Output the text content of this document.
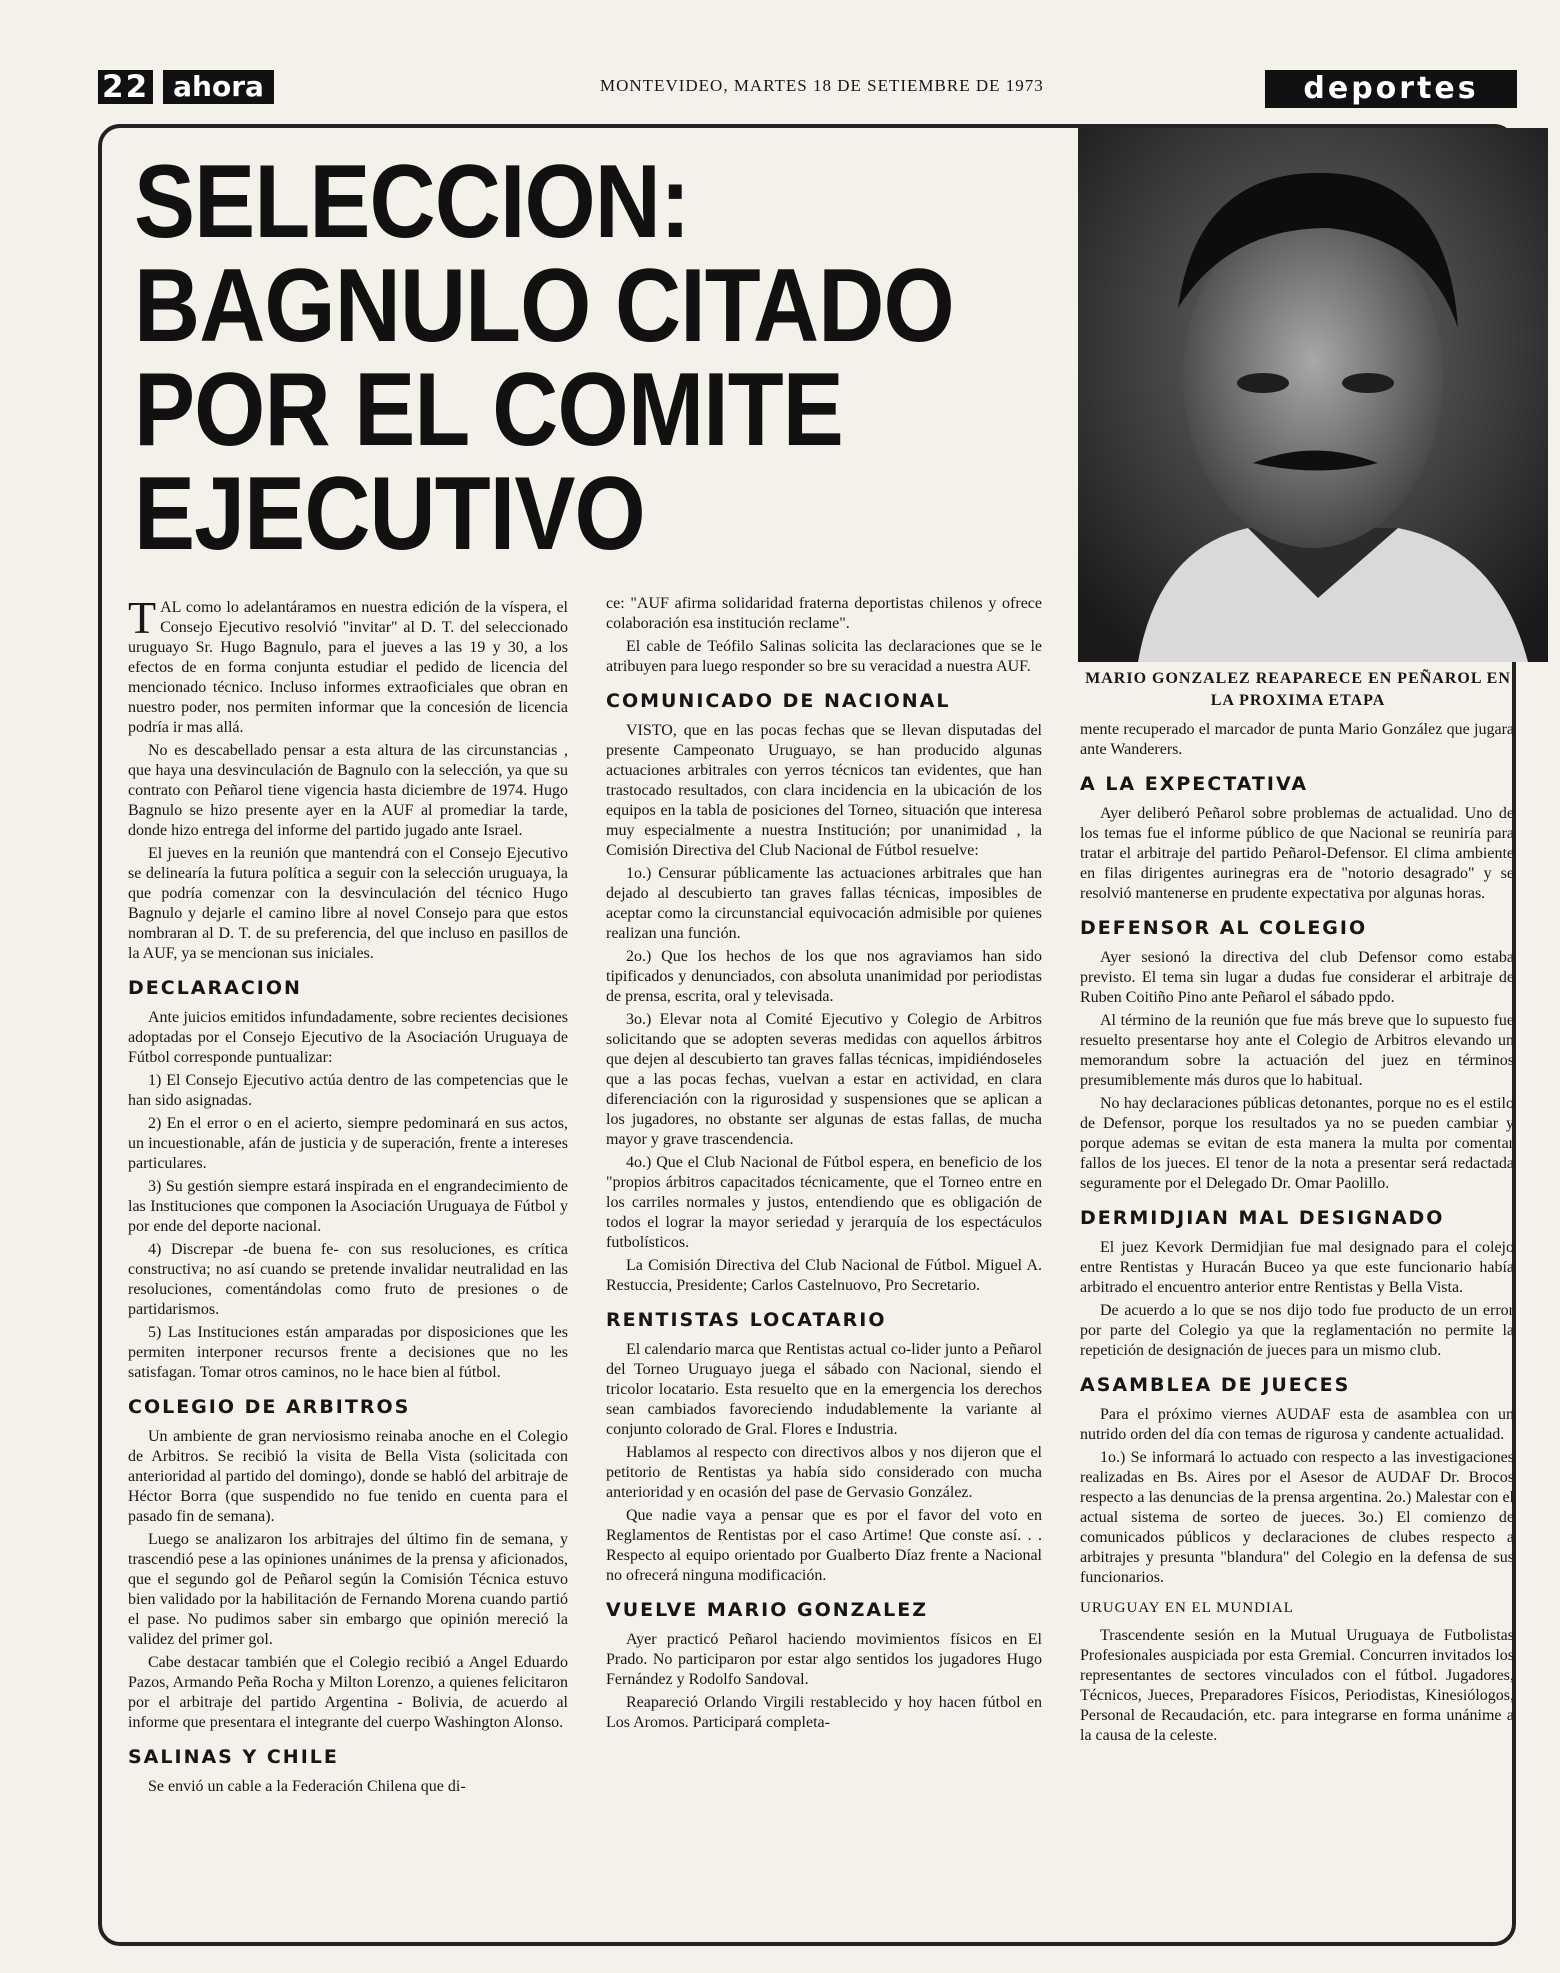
22 ahora	MONTEVIDEO, MARTES 18 DE SETIEMBRE DE 1973	deportes
SELECCION:
BAGNULO CITADO
POR EL COMITE
EJECUTIVO
MARIO GONZALEZ REAPARECE EN PEÑAROL EN
LA PROXIMA ETAPA

TAL como lo adelantáramos en nuestra edición de la víspera, el Consejo Ejecutivo resolvió "invitar" al D. T. del seleccionado uruguayo Sr. Hugo Bagnulo, para el jueves a las 19 y 30, a los efectos de en forma conjunta estudiar el pedido de licencia del mencionado técnico. Incluso informes extraoficiales que obran en nuestro poder, nos permiten informar que la concesión de licencia podría ir mas allá.

No es descabellado pensar a esta altura de las circunstancias , que haya una desvinculación de Bagnulo con la selección, ya que su contrato con Peñarol tiene vigencia hasta diciembre de 1974. Hugo Bagnulo se hizo presente ayer en la AUF al promediar la tarde, donde hizo entrega del informe del partido jugado ante Israel.

El jueves en la reunión que mantendrá con el Consejo Ejecutivo se delinearía la futura política a seguir con la selección uruguaya, la que podría comenzar con la desvinculación del técnico Hugo Bagnulo y dejarle el camino libre al novel Consejo para que estos nombraran al D. T. de su preferencia, del que incluso en pasillos de la AUF, ya se mencionan sus iniciales.

DECLARACION

Ante juicios emitidos infundadamente, sobre recientes decisiones adoptadas por el Consejo Ejecutivo de la Asociación Uruguaya de Fútbol corresponde puntualizar:

1) El Consejo Ejecutivo actúa dentro de las competencias que le han sido asignadas.

2) En el error o en el acierto, siempre pedominará en sus actos, un incuestionable, afán de justicia y de superación, frente a intereses particulares.

3) Su gestión siempre estará inspirada en el engrandecimiento de las Instituciones que componen la Asociación Uruguaya de Fútbol y por ende del deporte nacional.

4) Discrepar -de buena fe- con sus resoluciones, es crítica constructiva; no así cuando se pretende invalidar neutralidad en las resoluciones, comentándolas como fruto de presiones o de partidarismos.

5) Las Instituciones están amparadas por disposiciones que les permiten interponer recursos frente a decisiones que no les satisfagan. Tomar otros caminos, no le hace bien al fútbol.

COLEGIO DE ARBITROS

Un ambiente de gran nerviosismo reinaba anoche en el Colegio de Arbitros. Se recibió la visita de Bella Vista (solicitada con anterioridad al partido del domingo), donde se habló del arbitraje de Héctor Borra (que suspendido no fue tenido en cuenta para el pasado fin de semana).

Luego se analizaron los arbitrajes del último fin de semana, y trascendió pese a las opiniones unánimes de la prensa y aficionados, que el segundo gol de Peñarol según la Comisión Técnica estuvo bien validado por la habilitación de Fernando Morena cuando partió el pase. No pudimos saber sin embargo que opinión mereció la validez del primer gol.

Cabe destacar también que el Colegio recibió a Angel Eduardo Pazos, Armando Peña Rocha y Milton Lorenzo, a quienes felicitaron por el arbitraje del partido Argentina - Bolivia, de acuerdo al informe que presentara el integrante del cuerpo Washington Alonso.

SALINAS Y CHILE

Se envió un cable a la Federación Chilena que di-

ce: "AUF afirma solidaridad fraterna deportistas chilenos y ofrece colaboración esa institución reclame".

El cable de Teófilo Salinas solicita las declaraciones que se le atribuyen para luego responder so bre su veracidad a nuestra AUF.

COMUNICADO DE NACIONAL

VISTO, que en las pocas fechas que se llevan disputadas del presente Campeonato Uruguayo, se han producido algunas actuaciones arbitrales con yerros técnicos tan evidentes, que han trastocado resultados, con clara incidencia en la ubicación de los equipos en la tabla de posiciones del Torneo, situación que interesa muy especialmente a nuestra Institución; por unanimidad , la Comisión Directiva del Club Nacional de Fútbol resuelve:

1o.) Censurar públicamente las actuaciones arbitrales que han dejado al descubierto tan graves fallas técnicas, imposibles de aceptar como la circunstancial equivocación admisible por quienes realizan una función.

2o.) Que los hechos de los que nos agraviamos han sido tipificados y denunciados, con absoluta unanimidad por periodistas de prensa, escrita, oral y televisada.

3o.) Elevar nota al Comité Ejecutivo y Colegio de Arbitros solicitando que se adopten severas medidas con aquellos árbitros que dejen al descubierto tan graves fallas técnicas, impidiéndoseles que a las pocas fechas, vuelvan a estar en actividad, en clara diferenciación con la rigurosidad y suspensiones que se aplican a los jugadores, no obstante ser algunas de estas fallas, de mucha mayor y grave trascendencia.

4o.) Que el Club Nacional de Fútbol espera, en beneficio de los "propios árbitros capacitados técnicamente, que el Torneo entre en los carriles normales y justos, entendiendo que es obligación de todos el lograr la mayor seriedad y jerarquía de los espectáculos futbolísticos.

La Comisión Directiva del Club Nacional de Fútbol. Miguel A. Restuccia, Presidente; Carlos Castelnuovo, Pro Secretario.

RENTISTAS LOCATARIO

El calendario marca que Rentistas actual co-lider junto a Peñarol del Torneo Uruguayo juega el sábado con Nacional, siendo el tricolor locatario. Esta resuelto que en la emergencia los derechos sean cambiados favoreciendo indudablemente la variante al conjunto colorado de Gral. Flores e Industria.

Hablamos al respecto con directivos albos y nos dijeron que el petitorio de Rentistas ya había sido considerado con mucha anterioridad y en ocasión del pase de Gervasio González.

Que nadie vaya a pensar que es por el favor del voto en Reglamentos de Rentistas por el caso Artime! Que conste así. . . Respecto al equipo orientado por Gualberto Díaz frente a Nacional no ofrecerá ninguna modificación.

VUELVE MARIO GONZALEZ

Ayer practicó Peñarol haciendo movimientos físicos en El Prado. No participaron por estar algo sentidos los jugadores Hugo Fernández y Rodolfo Sandoval.

Reapareció Orlando Virgili restablecido y hoy hacen fútbol en Los Aromos. Participará completa-

mente recuperado el marcador de punta Mario González que jugara ante Wanderers.

A LA EXPECTATIVA

Ayer deliberó Peñarol sobre problemas de actualidad. Uno de los temas fue el informe público de que Nacional se reuniría para tratar el arbitraje del partido Peñarol-Defensor. El clima ambiente en filas dirigentes aurinegras era de "notorio desagrado" y se resolvió mantenerse en prudente expectativa por algunas horas.

DEFENSOR AL COLEGIO

Ayer sesionó la directiva del club Defensor como estaba previsto. El tema sin lugar a dudas fue considerar el arbitraje de Ruben Coitiño Pino ante Peñarol el sábado ppdo.

Al término de la reunión que fue más breve que lo supuesto fue resuelto presentarse hoy ante el Colegio de Arbitros elevando un memorandum sobre la actuación del juez en términos presumiblemente más duros que lo habitual.

No hay declaraciones públicas detonantes, porque no es el estilo de Defensor, porque los resultados ya no se pueden cambiar y porque ademas se evitan de esta manera la multa por comentar fallos de los jueces. El tenor de la nota a presentar será redactada seguramente por el Delegado Dr. Omar Paolillo.

DERMIDJIAN MAL DESIGNADO

El juez Kevork Dermidjian fue mal designado para el colejo entre Rentistas y Huracán Buceo ya que este funcionario había arbitrado el encuentro anterior entre Rentistas y Bella Vista.

De acuerdo a lo que se nos dijo todo fue producto de un error por parte del Colegio ya que la reglamentación no permite la repetición de designación de jueces para un mismo club.

ASAMBLEA DE JUECES

Para el próximo viernes AUDAF esta de asamblea con un nutrido orden del día con temas de rigurosa y candente actualidad.

1o.) Se informará lo actuado con respecto a las investigaciones realizadas en Bs. Aires por el Asesor de AUDAF Dr. Brocos respecto a las denuncias de la prensa argentina. 2o.) Malestar con el actual sistema de sorteo de jueces. 3o.) El comienzo de comunicados públicos y declaraciones de clubes respecto a arbitrajes y presunta "blandura" del Colegio en la defensa de sus funcionarios.

URUGUAY EN EL MUNDIAL

Trascendente sesión en la Mutual Uruguaya de Futbolistas Profesionales auspiciada por esta Gremial. Concurren invitados los representantes de sectores vinculados con el fútbol. Jugadores, Técnicos, Jueces, Preparadores Físicos, Periodistas, Kinesiólogos, Personal de Recaudación, etc. para integrarse en forma unánime a la causa de la celeste.
